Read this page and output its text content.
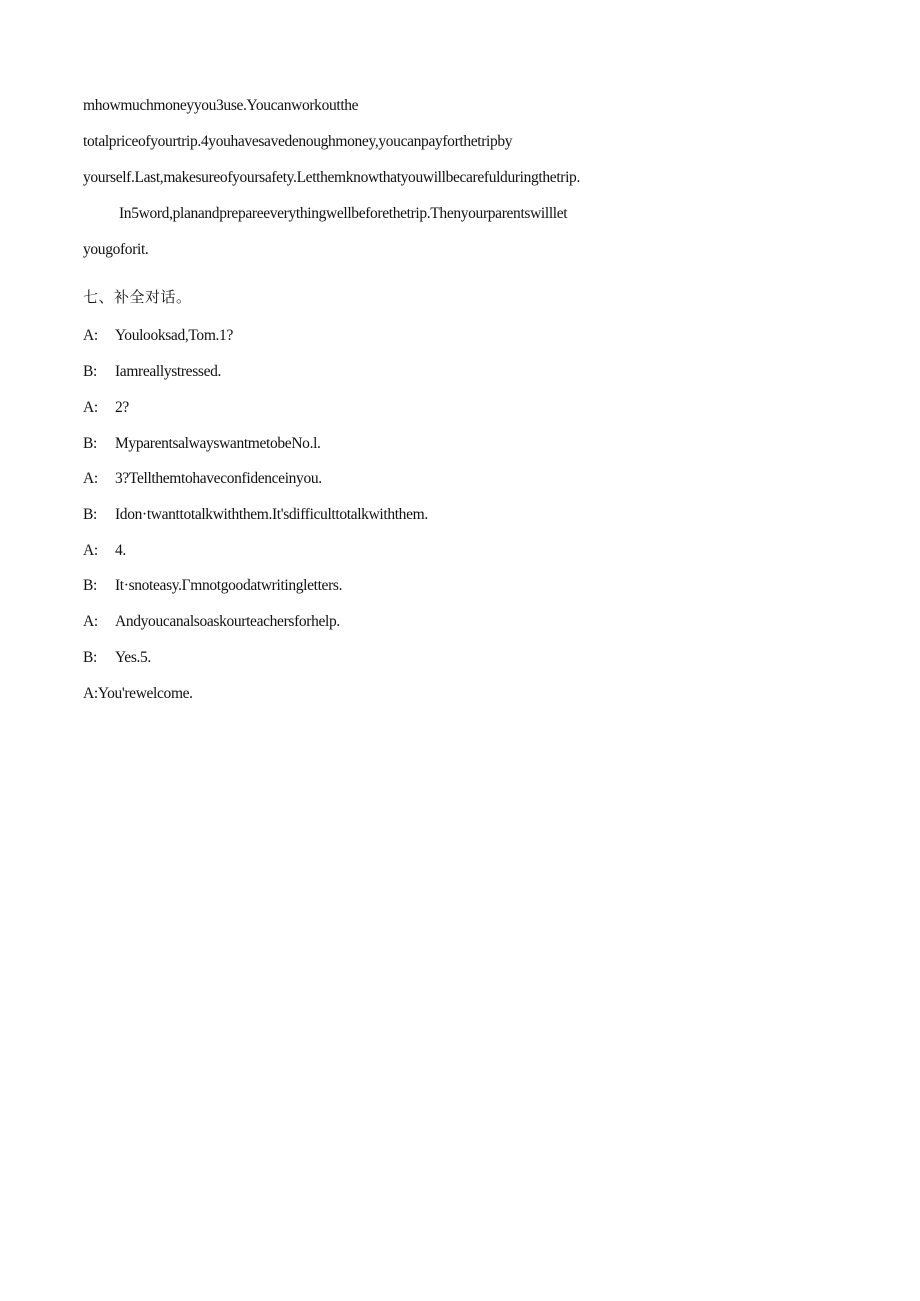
mhowmuchmoneyyou3use.Youcanworkoutthe
totalpriceofyourtrip.4youhavesavedenoughmoney,youcanpayforthetripby
yourself.Last,makesureofyoursafety.Letthemknowthatyouwillbecarefulduringthetrip.
In5word,planandprepareeverythingwellbeforethetrip.Thenyourparentswilllet
yougoforit.
七、补全对话。
A: Youlooksad,Tom.1?
B: Iamreallystressed.
A: 2?
B: MyparentsalwayswantmetobeNo.l.
A: 3?Tellthemtohaveconfidenceinyou.
B: Idon·twanttotalkwiththem.It'sdifficulttotalkwiththem.
A: 4.
B: It·snoteasy.Γmnotgoodatwritingletters.
A: Andyoucanalsoaskourteachersforhelp.
B: Yes.5.
A:You'rewelcome.
